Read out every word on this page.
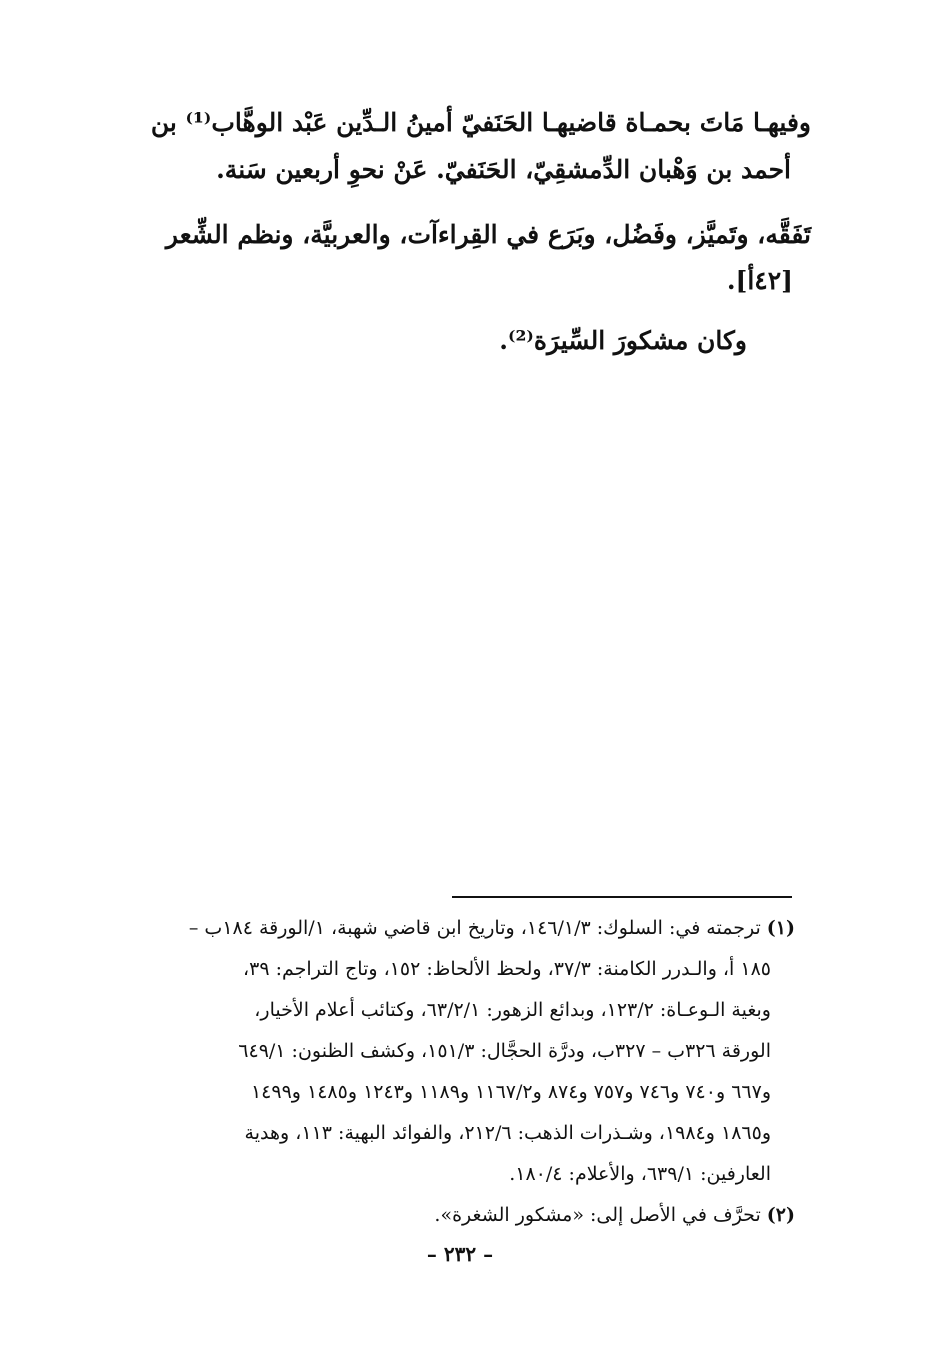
وفيهـا مَاتَ بحمـاة قاضيهـا الحَنَفيّ أمينُ الـدِّين عَبْد الوهَّاب⁽¹⁾ بن
أحمد بن وَهْبان الدِّمشقِيّ، الحَنَفيّ. عَنْ نحوِ أربعين سَنة.
تَفَقَّه، وتَميَّز، وفَضُل، وبَرَع في القِراءآت، والعربيَّة، ونظم الشِّعر
[٤٢أ].
وكان مشكورَ السِّيرَة⁽²⁾.
(١) ترجمته في: السلوك: ١٤٦/١/٣، وتاريخ ابن قاضي شهبة، ١/الورقة ١٨٤ب –
١٨٥ أ، والـدرر الكامنة: ٣٧/٣، ولحظ الألحاظ: ١٥٢، وتاج التراجم: ٣٩،
وبغية الـوعـاة: ١٢٣/٢، وبدائع الزهور: ٦٣/٢/١، وكتائب أعلام الأخيار،
الورقة ٣٢٦ب – ٣٢٧ب، ودرَّة الحجَّال: ١٥١/٣، وكشف الظنون: ٦٤٩/١
و٦٦٧ و٧٤٠ و٧٤٦ و٧٥٧ و٨٧٤ و١١٦٧/٢ و١١٨٩ و١٢٤٣ و١٤٨٥ و١٤٩٩
و١٨٦٥ و١٩٨٤، وشـذرات الذهب: ٢١٢/٦، والفوائد البهية: ١١٣، وهدية
العارفين: ٦٣٩/١، والأعلام: ١٨٠/٤.
(٢) تحرَّف في الأصل إلى: «مشكور الشغرة».
– ٢٣٢ –
